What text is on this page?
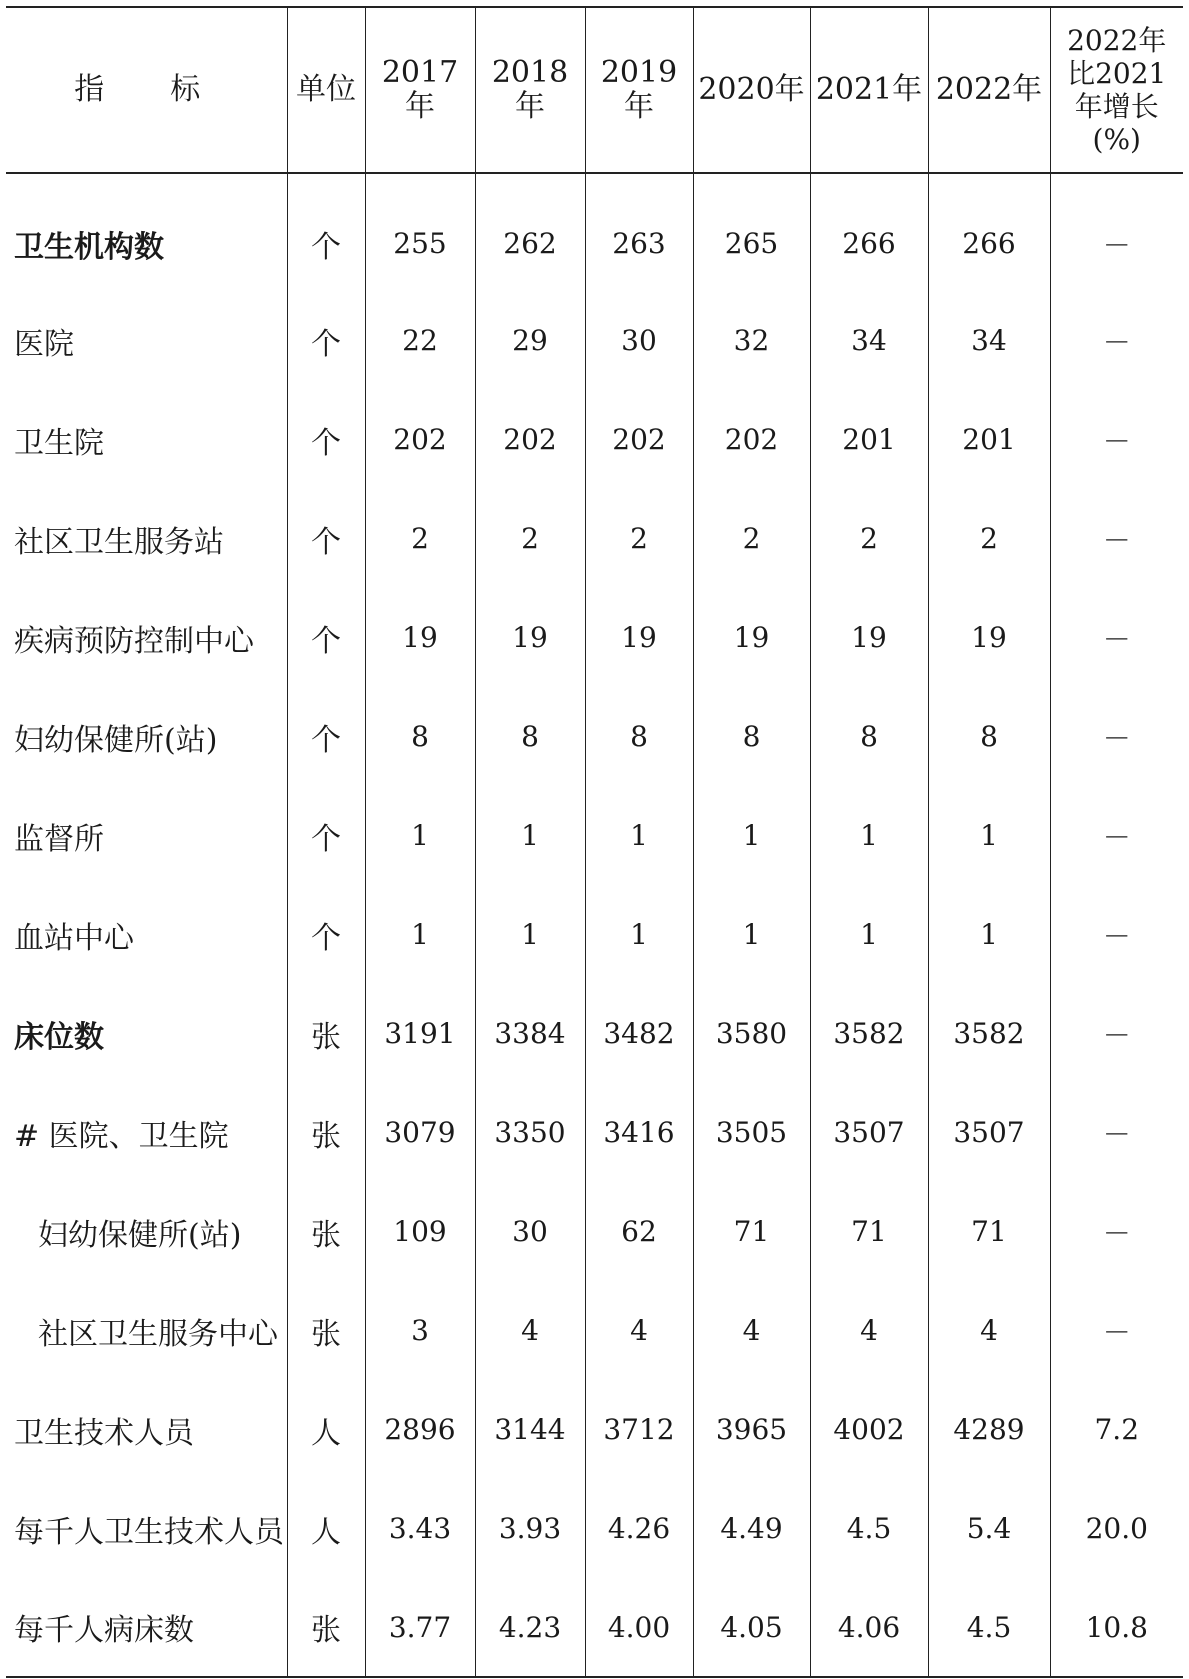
指　标	单位	2017年	2018年	2019年	2020年	2021年	2022年	2022年
比2021
年增长
(%)

卫生机构数	个	255	262	263	265	266	266	－
医院	个	22	29	30	32	34	34	－
卫生院	个	202	202	202	202	201	201	－
社区卫生服务站	个	2	2	2	2	2	2	－
疾病预防控制中心	个	19	19	19	19	19	19	－
妇幼保健所(站)	个	8	8	8	8	8	8	－
监督所	个	1	1	1	1	1	1	－
血站中心	个	1	1	1	1	1	1	－
床位数	张	3191	3384	3482	3580	3582	3582	－
# 医院、卫生院	张	3079	3350	3416	3505	3507	3507	－
妇幼保健所(站)	张	109	30	62	71	71	71	－
社区卫生服务中心	张	3	4	4	4	4	4	－
卫生技术人员	人	2896	3144	3712	3965	4002	4289	7.2
每千人卫生技术人员	人	3.43	3.93	4.26	4.49	4.5	5.4	20.0
每千人病床数	张	3.77	4.23	4.00	4.05	4.06	4.5	10.8
